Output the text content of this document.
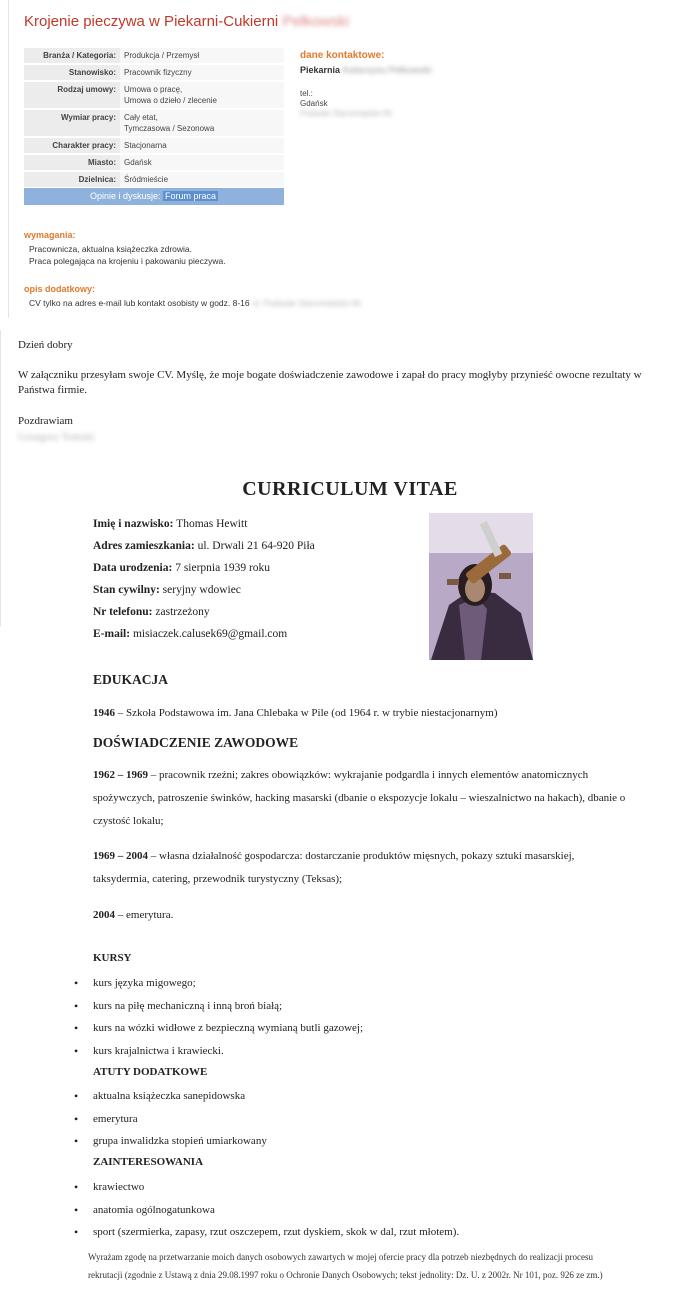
Krojenie pieczywa w Piekarni-Cukierni Pełkowski
Branża / Kategoria:	Produkcja / Przemysł
Stanowisko:	Pracownik fizyczny
Rodzaj umowy:	Umowa o pracę,
Umowa o dzieło / zlecenie
Wymiar pracy:	Cały etat,
Tymczasowa / Sezonowa
Charakter pracy:	Stacjonarna
Miasto:	Gdańsk
Dzielnica:	Śródmieście
Opinie i dyskusje: Forum praca
dane kontaktowe:
Piekarnia Katarzyna Pełkowski
tel.:
Gdańsk
Podwale Staromiejskie 60
wymagania:
Pracownicza, aktualna książeczka zdrowia.
Praca polegająca na krojeniu i pakowaniu pieczywa.
opis dodatkowy:
CV tylko na adres e-mail lub kontakt osobisty w godz. 8-16 ul. Podwale Staromiejskie 60

Dzień dobry

W załączniku przesyłam swoje CV. Myślę, że moje bogate doświadczenie zawodowe i zapał do pracy mogłyby przynieść owocne rezultaty w Państwa firmie.

Pozdrawiam

Grzegorz Tomski

CURRICULUM VITAE
Imię i nazwisko: Thomas Hewitt
Adres zamieszkania: ul. Drwali 21 64-920 Piła
Data urodzenia: 7 sierpnia 1939 roku
Stan cywilny: seryjny wdowiec
Nr telefonu: zastrzeżony
E-mail: misiaczek.calusek69@gmail.com
EDUKACJA
1946 – Szkoła Podstawowa im. Jana Chlebaka w Pile (od 1964 r. w trybie niestacjonarnym)
DOŚWIADCZENIE ZAWODOWE
1962 – 1969 – pracownik rzeźni; zakres obowiązków: wykrajanie podgardla i innych elementów anatomicznych spożywczych, patroszenie świnków, hacking masarski (dbanie o ekspozycje lokalu – wieszalnictwo na hakach), dbanie o czystość lokalu;
1969 – 2004 – własna działalność gospodarcza: dostarczanie produktów mięsnych, pokazy sztuki masarskiej, taksydermia, catering, przewodnik turystyczny (Teksas);
2004 – emerytura.
KURSY
• kurs języka migowego;
• kurs na piłę mechaniczną i inną broń białą;
• kurs na wózki widłowe z bezpieczną wymianą butli gazowej;
• kurs krajalnictwa i krawiecki.
ATUTY DODATKOWE
• aktualna książeczka sanepidowska
• emerytura
• grupa inwalidzka stopień umiarkowany
ZAINTERESOWANIA
• krawiectwo
• anatomia ogólnogatunkowa
• sport (szermierka, zapasy, rzut oszczepem, rzut dyskiem, skok w dal, rzut młotem).
Wyrażam zgodę na przetwarzanie moich danych osobowych zawartych w mojej ofercie pracy dla potrzeb niezbędnych do realizacji procesu rekrutacji (zgodnie z Ustawą z dnia 29.08.1997 roku o Ochronie Danych Osobowych; tekst jednolity: Dz. U. z 2002r. Nr 101, poz. 926 ze zm.)
